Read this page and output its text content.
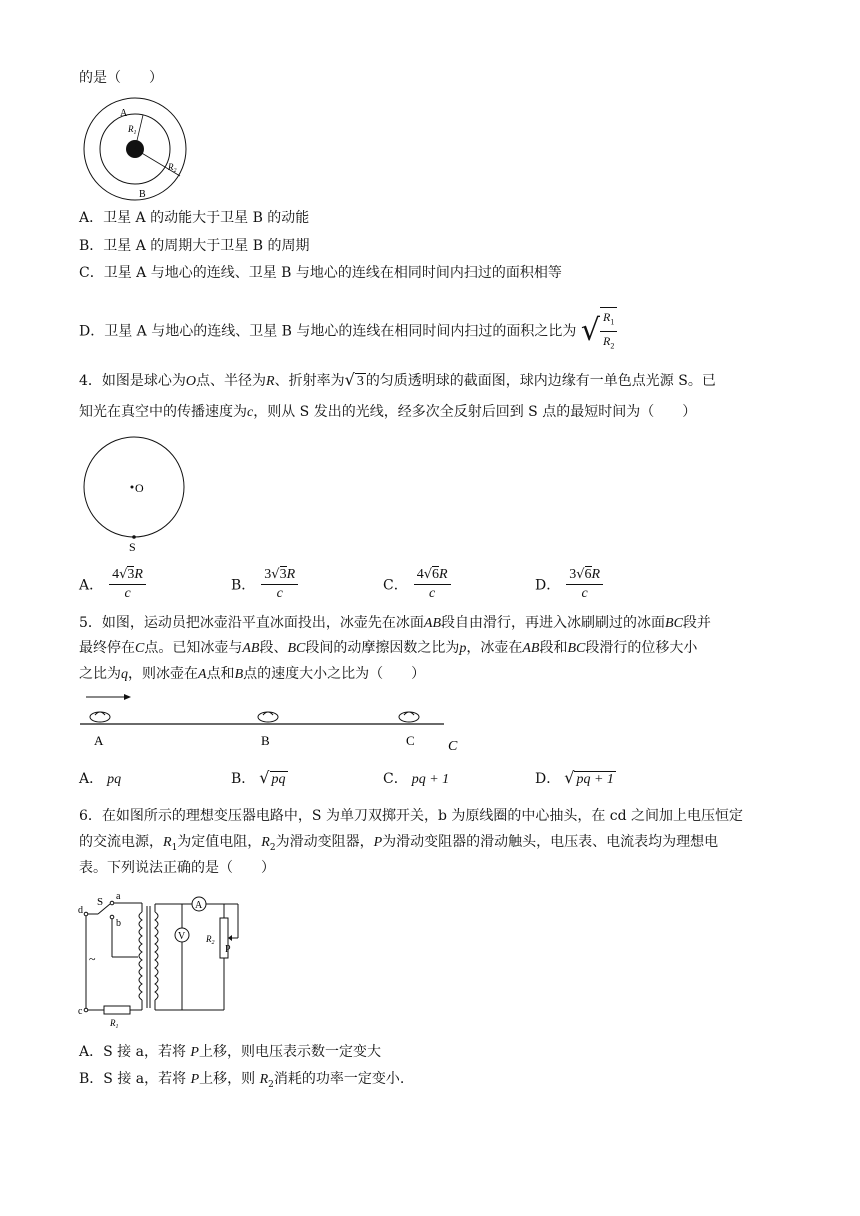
的是（　　）
A
$R_1$
$R_2$
B
A．卫星 A 的动能大于卫星 B 的动能
B．卫星 A 的周期大于卫星 B 的周期
C．卫星 A 与地心的连线、卫星 B 与地心的连线在相同时间内扫过的面积相等
D．卫星 A 与地心的连线、卫星 B 与地心的连线在相同时间内扫过的面积之比为 √ $\frac{R_1}{R_2}$
4．如图是球心为O点、半径为R、折射率为√ 3 的匀质透明球的截面图，球内边缘有一单色点光源 S。已
知光在真空中的传播速度为c，则从 S 发出的光线，经多次全反射后回到 S 点的最短时间为（　　）
O
S
A． $\frac{4√3R}{c}$	B． $\frac{3√3R}{c}$	C． $\frac{4√6R}{c}$	D． $\frac{3√6R}{c}$
5．如图，运动员把冰壶沿平直冰面投出，冰壶先在冰面AB段自由滑行，再进入冰刷刷过的冰面BC段并
最终停在C点。已知冰壶与AB段、BC段间的动摩擦因数之比为p，冰壶在AB段和BC段滑行的位移大小
之比为q，则冰壶在A点和B点的速度大小之比为（　　）
A	B	C C
A． pq	B． √ pq	C． pq + 1	D． √ pq + 1
6．在如图所示的理想变压器电路中，S 为单刀双掷开关，b 为原线圈的中心抽头，在 cd 之间加上电压恒定
的交流电源，$R_1$为定值电阻，$R_2$为滑动变阻器，P为滑动变阻器的滑动触头，电压表、电流表均为理想电
表。下列说法正确的是（　　）
S a
b
d
c
~
A
V $R_2$
P
$R_1$
A．S 接 a，若将 P上移，则电压表示数一定变大
B．S 接 a，若将 P上移，则 $R_2$消耗的功率一定变小.
